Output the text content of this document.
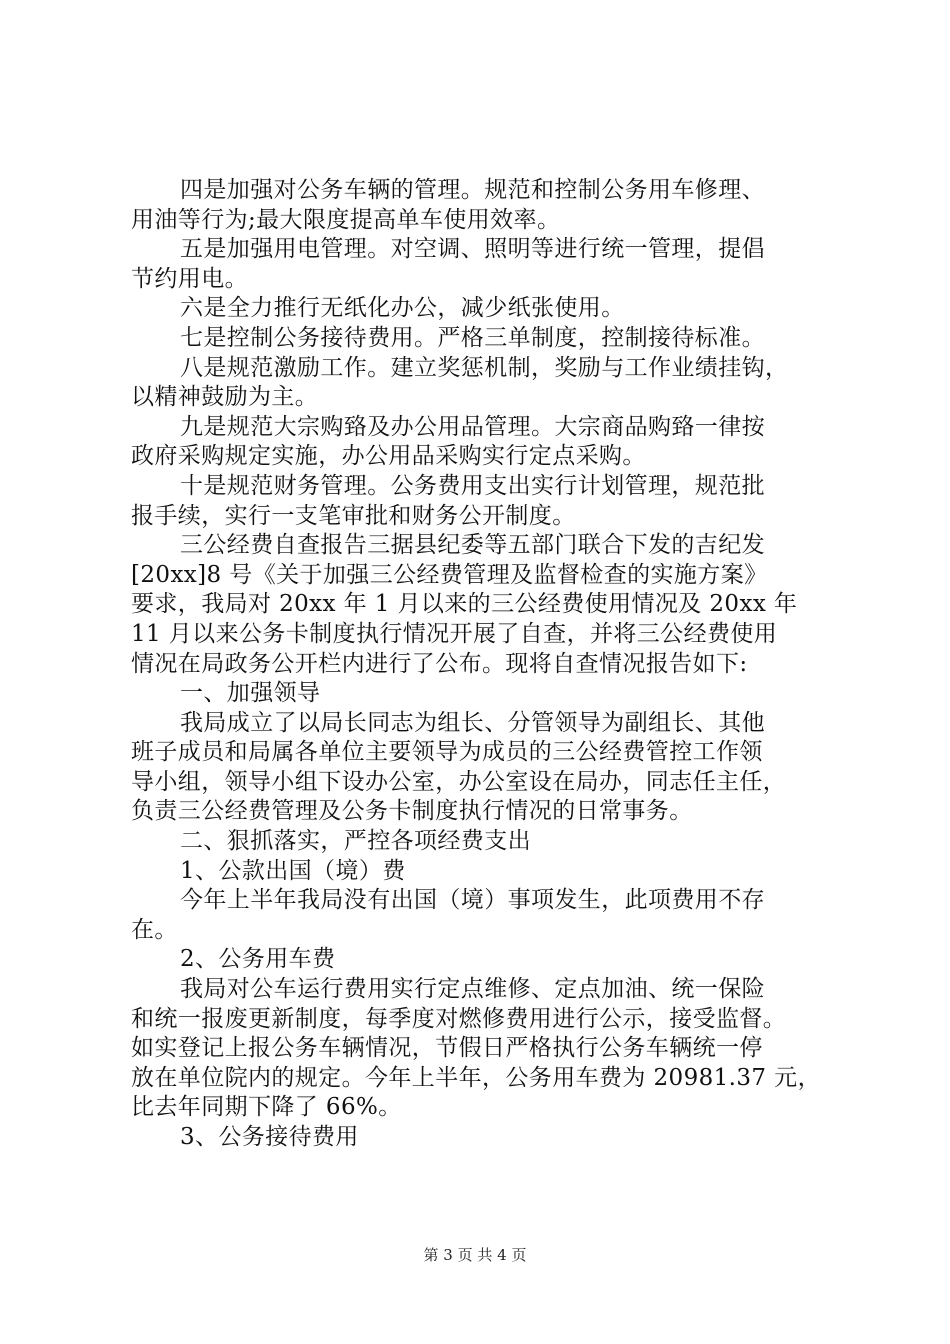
四是加强对公务车辆的管理。规范和控制公务用车修理、
用油等行为;最大限度提高单车使用效率。
五是加强用电管理。对空调、照明等进行统一管理，提倡
节约用电。
六是全力推行无纸化办公，减少纸张使用。
七是控制公务接待费用。严格三单制度，控制接待标准。
八是规范激励工作。建立奖惩机制，奖励与工作业绩挂钩，
以精神鼓励为主。
九是规范大宗购臵及办公用品管理。大宗商品购臵一律按
政府采购规定实施，办公用品采购实行定点采购。
十是规范财务管理。公务费用支出实行计划管理，规范批
报手续，实行一支笔审批和财务公开制度。
三公经费自查报告三据县纪委等五部门联合下发的吉纪发
[20xx]8 号《关于加强三公经费管理及监督检查的实施方案》
要求，我局对 20xx 年 1 月以来的三公经费使用情况及 20xx 年
11 月以来公务卡制度执行情况开展了自查，并将三公经费使用
情况在局政务公开栏内进行了公布。现将自查情况报告如下:
一、加强领导
我局成立了以局长同志为组长、分管领导为副组长、其他
班子成员和局属各单位主要领导为成员的三公经费管控工作领
导小组，领导小组下设办公室，办公室设在局办，同志任主任，
负责三公经费管理及公务卡制度执行情况的日常事务。
二、狠抓落实，严控各项经费支出
1、公款出国（境）费
今年上半年我局没有出国（境）事项发生，此项费用不存
在。
2、公务用车费
我局对公车运行费用实行定点维修、定点加油、统一保险
和统一报废更新制度，每季度对燃修费用进行公示，接受监督。
如实登记上报公务车辆情况，节假日严格执行公务车辆统一停
放在单位院内的规定。今年上半年，公务用车费为 20981.37 元，
比去年同期下降了 66%。
3、公务接待费用
第 3 页 共 4 页
